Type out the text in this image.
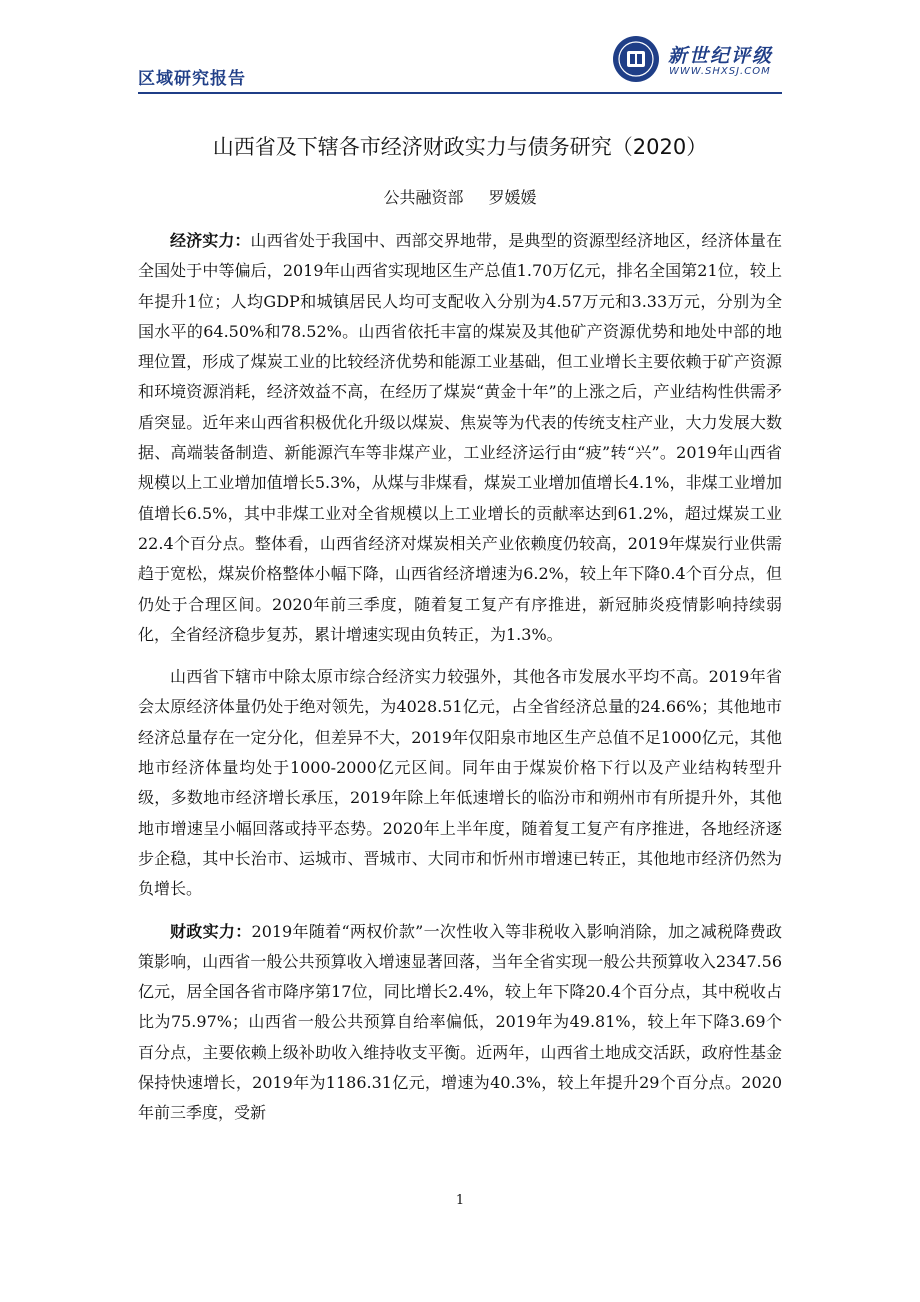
区域研究报告
新世纪评级
WWW.SHXSJ.COM
山西省及下辖各市经济财政实力与债务研究（2020）
公共融资部 罗媛媛

经济实力：山西省处于我国中、西部交界地带，是典型的资源型经济地区，经济体量在全国处于中等偏后，2019年山西省实现地区生产总值1.70万亿元，排名全国第21位，较上年提升1位；人均GDP和城镇居民人均可支配收入分别为4.57万元和3.33万元，分别为全国水平的64.50%和78.52%。山西省依托丰富的煤炭及其他矿产资源优势和地处中部的地理位置，形成了煤炭工业的比较经济优势和能源工业基础，但工业增长主要依赖于矿产资源和环境资源消耗，经济效益不高，在经历了煤炭“黄金十年”的上涨之后，产业结构性供需矛盾突显。近年来山西省积极优化升级以煤炭、焦炭等为代表的传统支柱产业，大力发展大数据、高端装备制造、新能源汽车等非煤产业，工业经济运行由“疲”转“兴”。2019年山西省规模以上工业增加值增长5.3%，从煤与非煤看，煤炭工业增加值增长4.1%，非煤工业增加值增长6.5%，其中非煤工业对全省规模以上工业增长的贡献率达到61.2%，超过煤炭工业22.4个百分点。整体看，山西省经济对煤炭相关产业依赖度仍较高，2019年煤炭行业供需趋于宽松，煤炭价格整体小幅下降，山西省经济增速为6.2%，较上年下降0.4个百分点，但仍处于合理区间。2020年前三季度，随着复工复产有序推进，新冠肺炎疫情影响持续弱化，全省经济稳步复苏，累计增速实现由负转正，为1.3%。

山西省下辖市中除太原市综合经济实力较强外，其他各市发展水平均不高。2019年省会太原经济体量仍处于绝对领先，为4028.51亿元，占全省经济总量的24.66%；其他地市经济总量存在一定分化，但差异不大，2019年仅阳泉市地区生产总值不足1000亿元，其他地市经济体量均处于1000-2000亿元区间。同年由于煤炭价格下行以及产业结构转型升级，多数地市经济增长承压，2019年除上年低速增长的临汾市和朔州市有所提升外，其他地市增速呈小幅回落或持平态势。2020年上半年度，随着复工复产有序推进，各地经济逐步企稳，其中长治市、运城市、晋城市、大同市和忻州市增速已转正，其他地市经济仍然为负增长。

财政实力：2019年随着“两权价款”一次性收入等非税收入影响消除，加之减税降费政策影响，山西省一般公共预算收入增速显著回落，当年全省实现一般公共预算收入2347.56亿元，居全国各省市降序第17位，同比增长2.4%，较上年下降20.4个百分点，其中税收占比为75.97%；山西省一般公共预算自给率偏低，2019年为49.81%，较上年下降3.69个百分点，主要依赖上级补助收入维持收支平衡。近两年，山西省土地成交活跃，政府性基金保持快速增长，2019年为1186.31亿元，增速为40.3%，较上年提升29个百分点。2020年前三季度，受新

1
